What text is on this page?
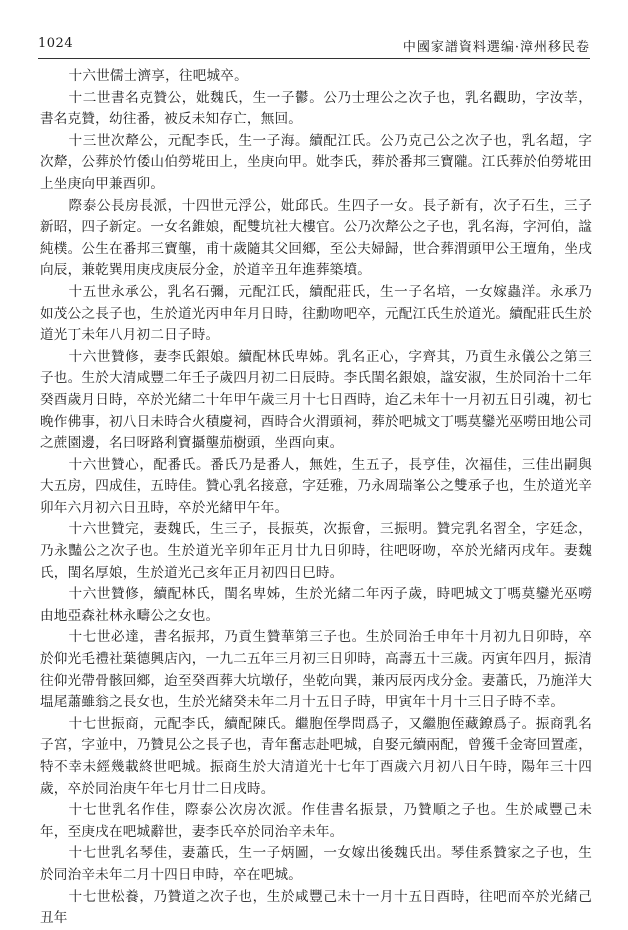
1024	中國家譜資料選编·漳州移民卷

十六世儒士濟享，往吧城卒。

十二世書名克贊公，妣魏氏，生一子鬱。公乃士理公之次子也，乳名觀助，字汝莘，書名克贊，幼往番，被反未知存亡，無回。

十三世次犛公，元配李氏，生一子海。續配江氏。公乃克己公之次子也，乳名超，字次犛，公葬於竹倭山伯勞埖田上，坐庚向甲。妣李氏，葬於番邦三寶隴。江氏葬於伯勞埖田上坐庚向甲兼酉卯。

際泰公長房長派，十四世元浮公，妣邱氏。生四子一女。長子新有，次子石生，三子新昭，四子新定。一女名錐娘，配雙坑社大樓官。公乃次犛公之子也，乳名海，字河伯，諡純樸。公生在番邦三寶壟，甫十歲隨其父回鄉，至公夫婦歸，世合葬渭頭甲公王壇角，坐戌向辰，兼乾巽用庚戌庚辰分金，於道辛丑年進葬築墳。

十五世永承公，乳名石彌，元配江氏，續配莊氏，生一子名培，一女嫁蟲洋。永承乃如茂公之長子也，生於道光丙申年月日時，往勳吻吧卒，元配江氏生於道光。續配莊氏生於道光丁未年八月初二日子時。

十六世贊修，妻李氏銀娘。續配林氏卑姊。乳名正心，字齊其，乃貢生永儀公之第三子也。生於大清咸豐二年壬子歲四月初二日辰時。李氏閨名銀娘，諡安淑，生於同治十二年癸酉歲月日時，卒於光緒二十年甲午歲三月十七日酉時，迨乙未年十一月初五日引魂，初七晚作佛事，初八日未時合火積慶祠，酉時合火渭頭祠，葬於吧城文丁嗎莫鑾光巫嘮田地公司之蔗園邊，名曰呀路利寶攝壟茄樹頭，坐酉向東。

十六世贊心，配番氏。番氏乃是番人，無姓，生五子，長亨佳，次福佳，三佳出嗣與大五房，四成佳，五時佳。贊心乳名接意，字廷雅，乃永周瑞峯公之雙承子也，生於道光辛卯年六月初六日丑時，卒於光緒甲午年。

十六世贊完，妻魏氏，生三子，長振英，次振會，三振明。贊完乳名習全，字廷念，乃永豔公之次子也。生於道光辛卯年正月廿九日卯時，往吧呀吻，卒於光緒丙戌年。妻魏氏，閨名厚娘，生於道光己亥年正月初四日巳時。

十六世贊修，續配林氏，閨名卑姊，生於光緒二年丙子歲，時吧城文丁嗎莫鑾光巫嘮由地亞森社林永疇公之女也。

十七世必達，書名振邦，乃貢生贊華第三子也。生於同治壬申年十月初九日卯時，卒於仰光毛禮社葉德興店內，一九二五年三月初三日卯時，高壽五十三歲。丙寅年四月，振清往仰光帶骨骸回鄉，迨至癸酉葬大坑墩仔，坐乾向巽，兼丙辰丙戌分金。妻蕭氏，乃施洋大塭尾蕭雖翁之長女也，生於光緒癸未年二月十五日子時，甲寅年十月十三日子時不幸。

十七世振商，元配李氏，續配陳氏。繼胞侄學問爲子，又繼胞侄藏鐐爲子。振商乳名子宮，字並中，乃贊見公之長子也，青年奮志赴吧城，自娶元續兩配，曾獲千金寄回置產，特不幸未經幾載終世吧城。振商生於大清道光十七年丁酉歲六月初八日午時，陽年三十四歲，卒於同治庚午年七月廿二日戌時。

十七世乳名作佳，際泰公次房次派。作佳書名振景，乃贊順之子也。生於咸豐己未年，至庚戌在吧城辭世，妻李氏卒於同治辛未年。

十七世乳名琴佳，妻蕭氏，生一子炳圖，一女嫁出後魏氏出。琴佳系贊家之子也，生於同治辛未年二月十四日申時，卒在吧城。

十七世松養，乃贊道之次子也，生於咸豐己未十一月十五日酉時，往吧而卒於光緒己丑年
